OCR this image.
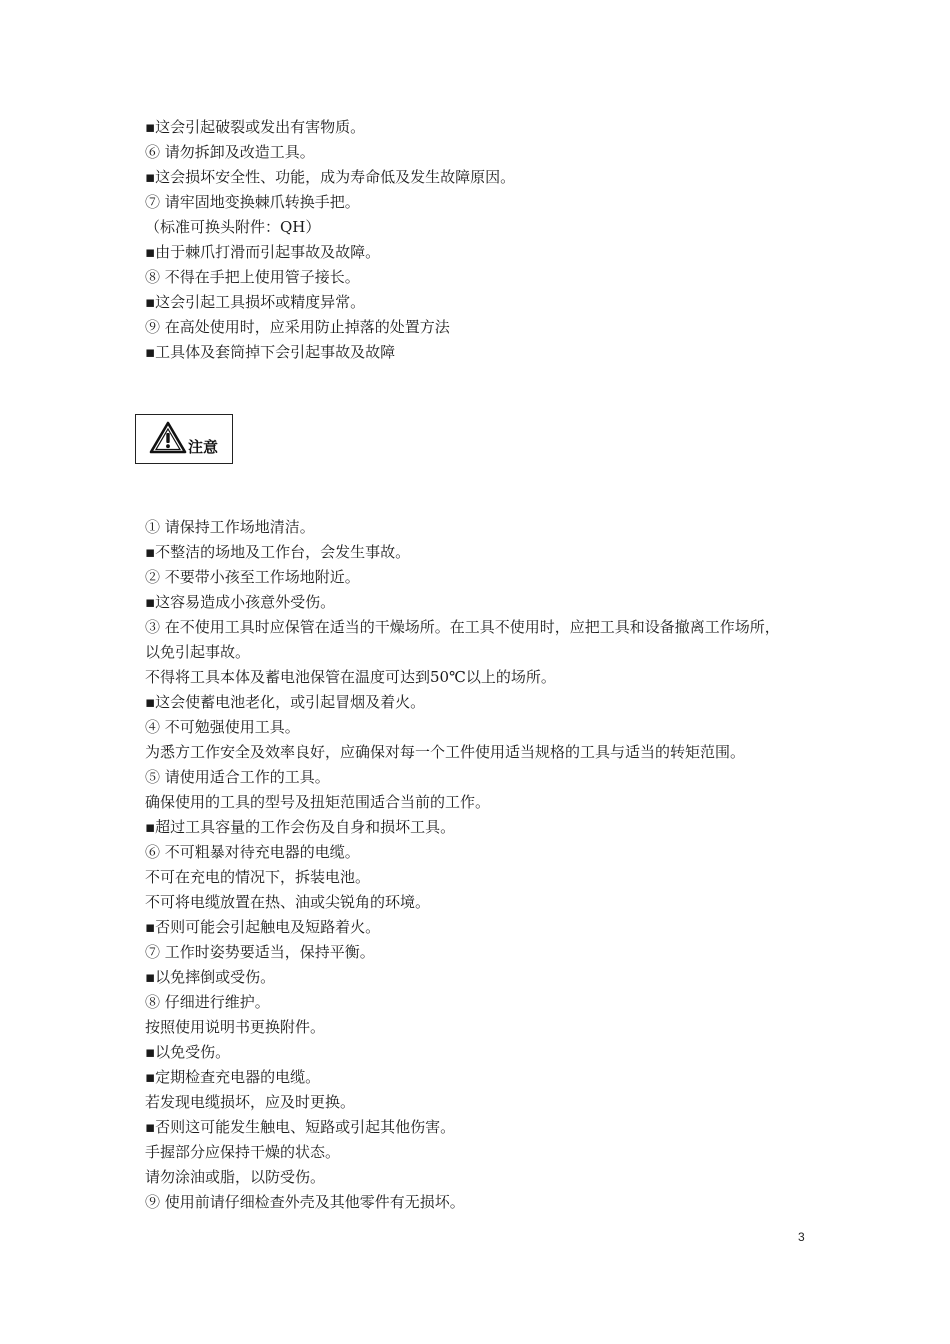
▪这会引起破裂或发出有害物质。
⑥ 请勿拆卸及改造工具。
▪这会损坏安全性、功能，成为寿命低及发生故障原因。
⑦ 请牢固地变换棘爪转换手把。
（标准可换头附件：QH）
▪由于棘爪打滑而引起事故及故障。
⑧ 不得在手把上使用管子接长。
▪这会引起工具损坏或精度异常。
⑨ 在高处使用时，应采用防止掉落的处置方法
▪工具体及套筒掉下会引起事故及故障
注意
① 请保持工作场地清洁。
▪不整洁的场地及工作台，会发生事故。
② 不要带小孩至工作场地附近。
▪这容易造成小孩意外受伤。
③ 在不使用工具时应保管在适当的干燥场所。在工具不使用时，应把工具和设备撤离工作场所，
以免引起事故。
不得将工具本体及蓄电池保管在温度可达到50℃以上的场所。
▪这会使蓄电池老化，或引起冒烟及着火。
④ 不可勉强使用工具。
为悉方工作安全及效率良好，应确保对每一个工件使用适当规格的工具与适当的转矩范围。
⑤ 请使用适合工作的工具。
确保使用的工具的型号及扭矩范围适合当前的工作。
▪超过工具容量的工作会伤及自身和损坏工具。
⑥ 不可粗暴对待充电器的电缆。
不可在充电的情况下，拆装电池。
不可将电缆放置在热、油或尖锐角的环境。
▪否则可能会引起触电及短路着火。
⑦ 工作时姿势要适当，保持平衡。
▪以免摔倒或受伤。
⑧ 仔细进行维护。
按照使用说明书更换附件。
▪以免受伤。
▪定期检查充电器的电缆。
若发现电缆损坏，应及时更换。
▪否则这可能发生触电、短路或引起其他伤害。
手握部分应保持干燥的状态。
请勿涂油或脂，以防受伤。
⑨ 使用前请仔细检查外壳及其他零件有无损坏。
3
